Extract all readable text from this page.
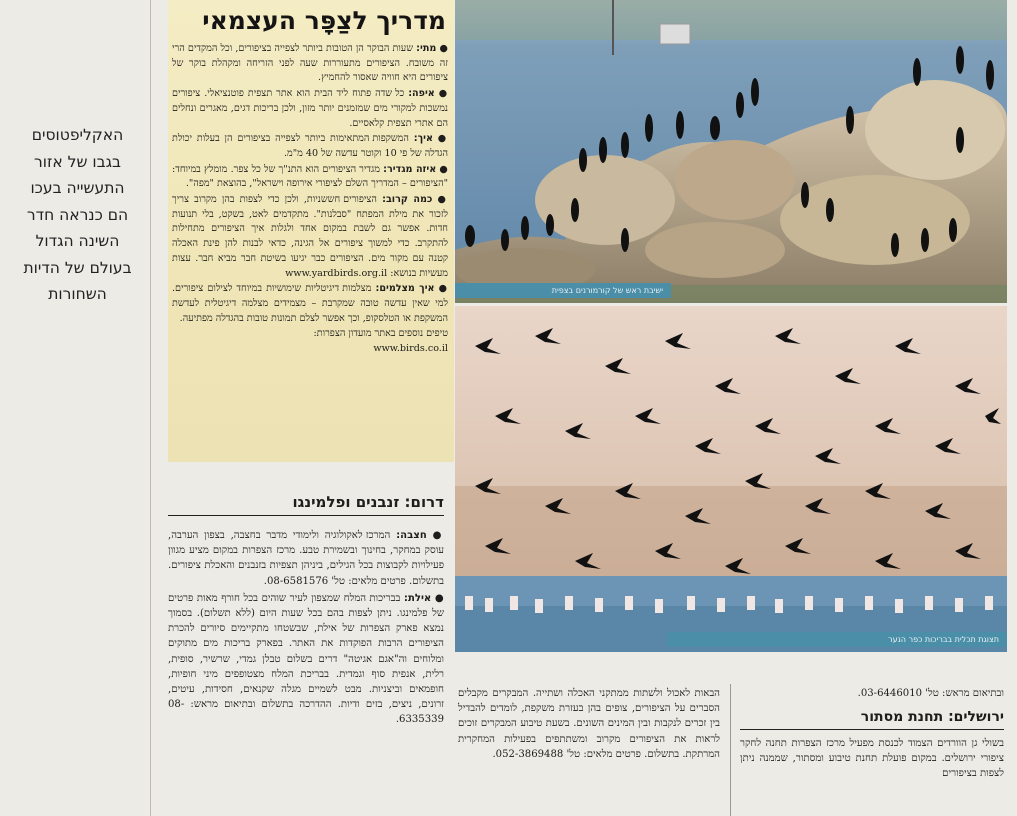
האקליפטוסים
בגבו של אזור
התעשייה בעכו
הם כנראה חדר
השינה הגדול
בעולם של הדיות
השחורות
מדריך לצַפָּר העצמאי

● מתי: שעות הבוקר הן הטובות ביותר לצפייה בציפורים, וכל המקדים הרי זה משובח. הציפורים מתעוררות שעה לפני הזריחה ומקהלת בוקר של ציפורים היא חוויה שאסור להחמיץ.

● איפה: כל שדה פתוח ליד הבית הוא אתר תצפית פוטנציאלי. ציפורים נמשכות למקורי מים שמזמנים יותר מזון, ולכן בריכות דגים, מאגרים ונחלים הם אתרי תצפית קלאסיים.

● איך: המשקפות המתאימות ביותר לצפייה בציפורים הן בעלות יכולת הגדלה של פי 10 וקוטר עדשה של 40 מ"מ.

● איזה מגדיר: מגדיר הציפורים הוא התנ"ך של כל צפר. מומלץ במיוחד: "הציפורים – המדריך השלם לציפורי אירופה וישראל", בהוצאת "מפה".

● כמה קרוב: הציפורים חששניות, ולכן כדי לצפות בהן מקרוב צריך לזכור את מילת המפתח "סבלנות". מתקדמים לאט, בשקט, בלי תנועות חדות. אפשר גם לשבת במקום אחד ולגלות איך הציפורים מתחילות להתקרב. כדי למשוך ציפורים אל הגינה, כדאי לבנות להן פינת האכלה קטנה עם מקור מים. הציפורים כבר יגיעו בשיטת חבר מביא חבר. עצות מעשיות בנושא: www.yardbirds.org.il

● איך מצלמים: מצלמות דיגיטליות שימושיות במיוחד לצילום ציפורים. למי שאין עדשה טובה שמקרבת – מצמידים מצלמה דיגיטלית לעדשת המשקפת או הטלסקופ, וכך אפשר לצלם תמונות טובות בהגדלה מפתיעה.

טיפים נוספים באתר מועדון הצפרות:
www.birds.co.il

דרום: זנבנים ופלמינגו

● חצבה: המרכז לאקולוגיה ולימודי מדבר בחצבה, בצפון הערבה, עוסק במחקר, בחינוך ובשמירת טבע. מרכז הצפרות במקום מציע מגוון פעילויות לקבוצות בכל הגילים, ביניהן תצפיות בזנבנים והאכלת ציפורים. בתשלום. פרטים מלאים: טל' 08-6581576.

● אילת: בבריכות המלח שמצפון לעיר שוהים בכל חורף מאות פרטים של פלמינגו. ניתן לצפות בהם בכל שעות היום (ללא תשלום). בסמוך נמצא פארק הצפרות של אילת, שבשטחו מתקיימים סיורים להכרת הציפורים הרבות הפוקדות את האתר. בפארק בריכות מים מתוקים ומלוחים וה"אגם אגיטה" דרים בשלום טבלן גמדי, שרשיר, סופית, רלית, אנפית סוף וגמדית. בבריכת המלח מצטופפים מיני חופיות, חופמאים וביצניות. מבט לשמיים מגלה שקנאים, חסידות, עיטים, זרונים, ניצים, בזים ודיות. ההדרכה בתשלום ובתיאום מראש: 08-6335339.

ישיבת ראש של קורמורנים בצפית
תצוגת תכלית בבריכות כפר הנער
הבאות לאכול ולשתות ממתקני האכלה ושתייה. המבקרים מקבלים הסברים על הציפורים, צופים בהן בעזרת משקפת, לומדים להבדיל בין זכרים לנקבות ובין המינים השונים. בשעת טיבוע המבקרים זוכים לראות את הציפורים מקרוב ומשתתפים בפעילות המחקרית המרתקת. בתשלום. פרטים מלאים: טל' 052-3869488.
ובתיאום מראש: טל' 03-6446010.
ירושלים: תחנת מסתור
בשולי גן הוורדים הצמוד לכנסת מפעיל מרכז הצפרות תחנה לחקר ציפורי ירושלים. במקום פועלת תחנת טיבוע ומסתור, שממנה ניתן לצפות בציפורים
